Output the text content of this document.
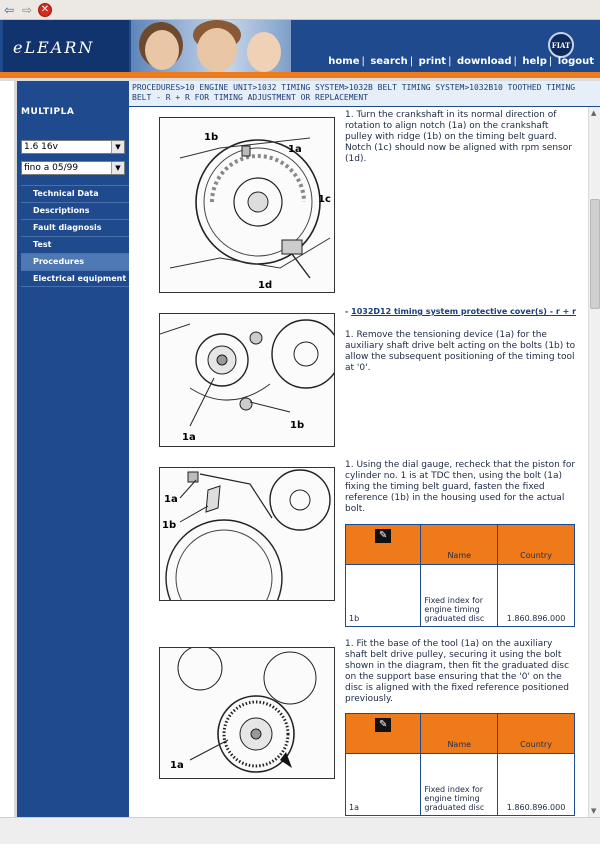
⇦ ⇨ ✕
eLEARN	FIAT
home | search | print | download | help | logout
PROCEDURES>10 ENGINE UNIT>1032 TIMING SYSTEM>1032B BELT TIMING SYSTEM>1032B10 TOOTHED TIMING BELT - R + R FOR TIMING ADJUSTMENT OR REPLACEMENT
MULTIPLA
1.6 16v	▼
fino a 05/99	▼
Technical Data
Descriptions
Fault diagnosis
Test
Procedures
Electrical equipment
1b
1a
1c
1d
1. Turn the crankshaft in its normal direction of rotation to align notch (1a) on the crankshaft pulley with ridge (1b) on the timing belt guard. Notch (1c) should now be aligned with rpm sensor (1d).
- 1032D12 timing system protective cover(s) - r + r
1a
1b
1. Remove the tensioning device (1a) for the auxiliary shaft drive belt acting on the bolts (1b) to allow the subsequent positioning of the timing tool at '0'.
1a
1b
1. Using the dial gauge, recheck that the piston for cylinder no. 1 is at TDC then, using the bolt (1a) fixing the timing belt guard, fasten the fixed reference (1b) in the housing used for the actual bolt.
✎	Name	Country
1b	Fixed index for engine timing graduated disc	1.860.896.000
1a
1. Fit the base of the tool (1a) on the auxiliary shaft belt drive pulley, securing it using the bolt shown in the diagram, then fit the graduated disc on the support base ensuring that the '0' on the disc is aligned with the fixed reference positioned previously.
✎	Name	Country
1a	Fixed index for engine timing graduated disc	1.860.896.000
▲
▼
